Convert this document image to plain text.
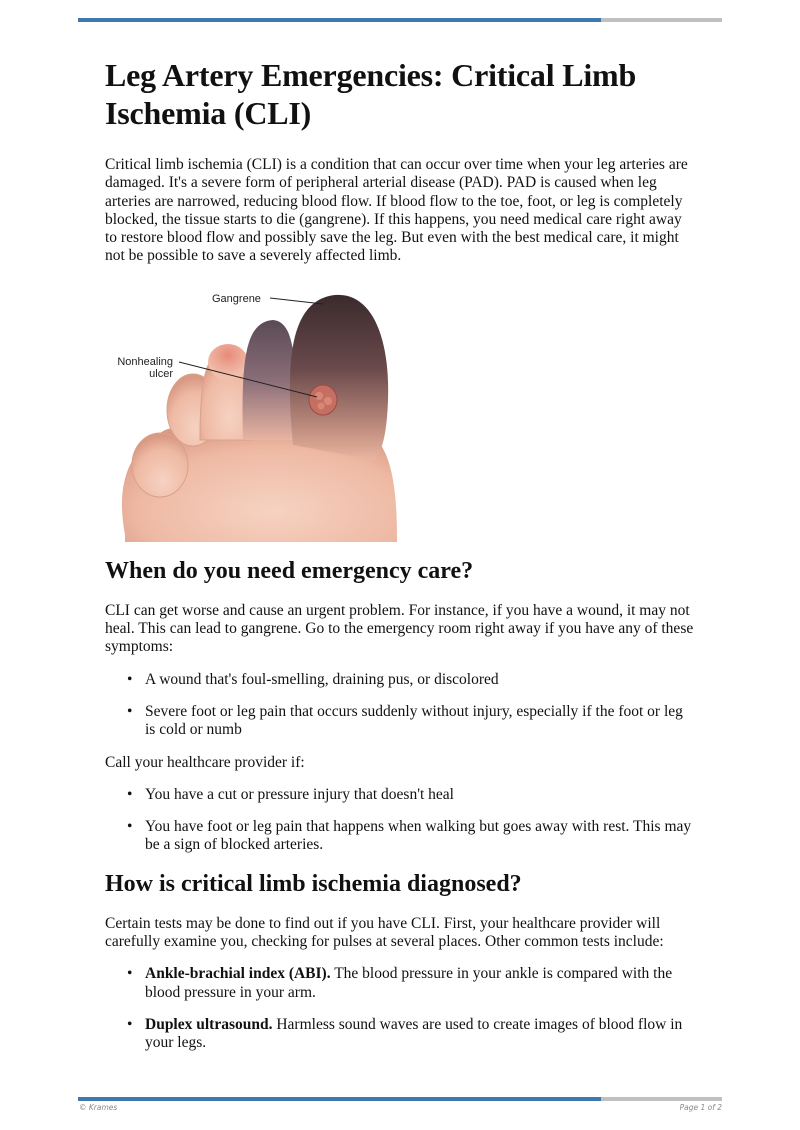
Leg Artery Emergencies: Critical Limb Ischemia (CLI)

Critical limb ischemia (CLI) is a condition that can occur over time when your leg arteries are damaged. It's a severe form of peripheral arterial disease (PAD). PAD is caused when leg arteries are narrowed, reducing blood flow. If blood flow to the toe, foot, or leg is completely blocked, the tissue starts to die (gangrene). If this happens, you need medical care right away to restore blood flow and possibly save the leg. But even with the best medical care, it might not be possible to save a severely affected limb.

Gangrene
Nonhealing
ulcer
When do you need emergency care?

CLI can get worse and cause an urgent problem. For instance, if you have a wound, it may not heal. This can lead to gangrene. Go to the emergency room right away if you have any of these symptoms:

• A wound that's foul-smelling, draining pus, or discolored
• Severe foot or leg pain that occurs suddenly without injury, especially if the foot or leg is cold or numb

Call your healthcare provider if:

• You have a cut or pressure injury that doesn't heal
• You have foot or leg pain that happens when walking but goes away with rest. This may be a sign of blocked arteries.
How is critical limb ischemia diagnosed?

Certain tests may be done to find out if you have CLI. First, your healthcare provider will carefully examine you, checking for pulses at several places. Other common tests include:

• Ankle-brachial index (ABI). The blood pressure in your ankle is compared with the blood pressure in your arm.
• Duplex ultrasound. Harmless sound waves are used to create images of blood flow in your legs.
© Krames	Page 1 of 2
